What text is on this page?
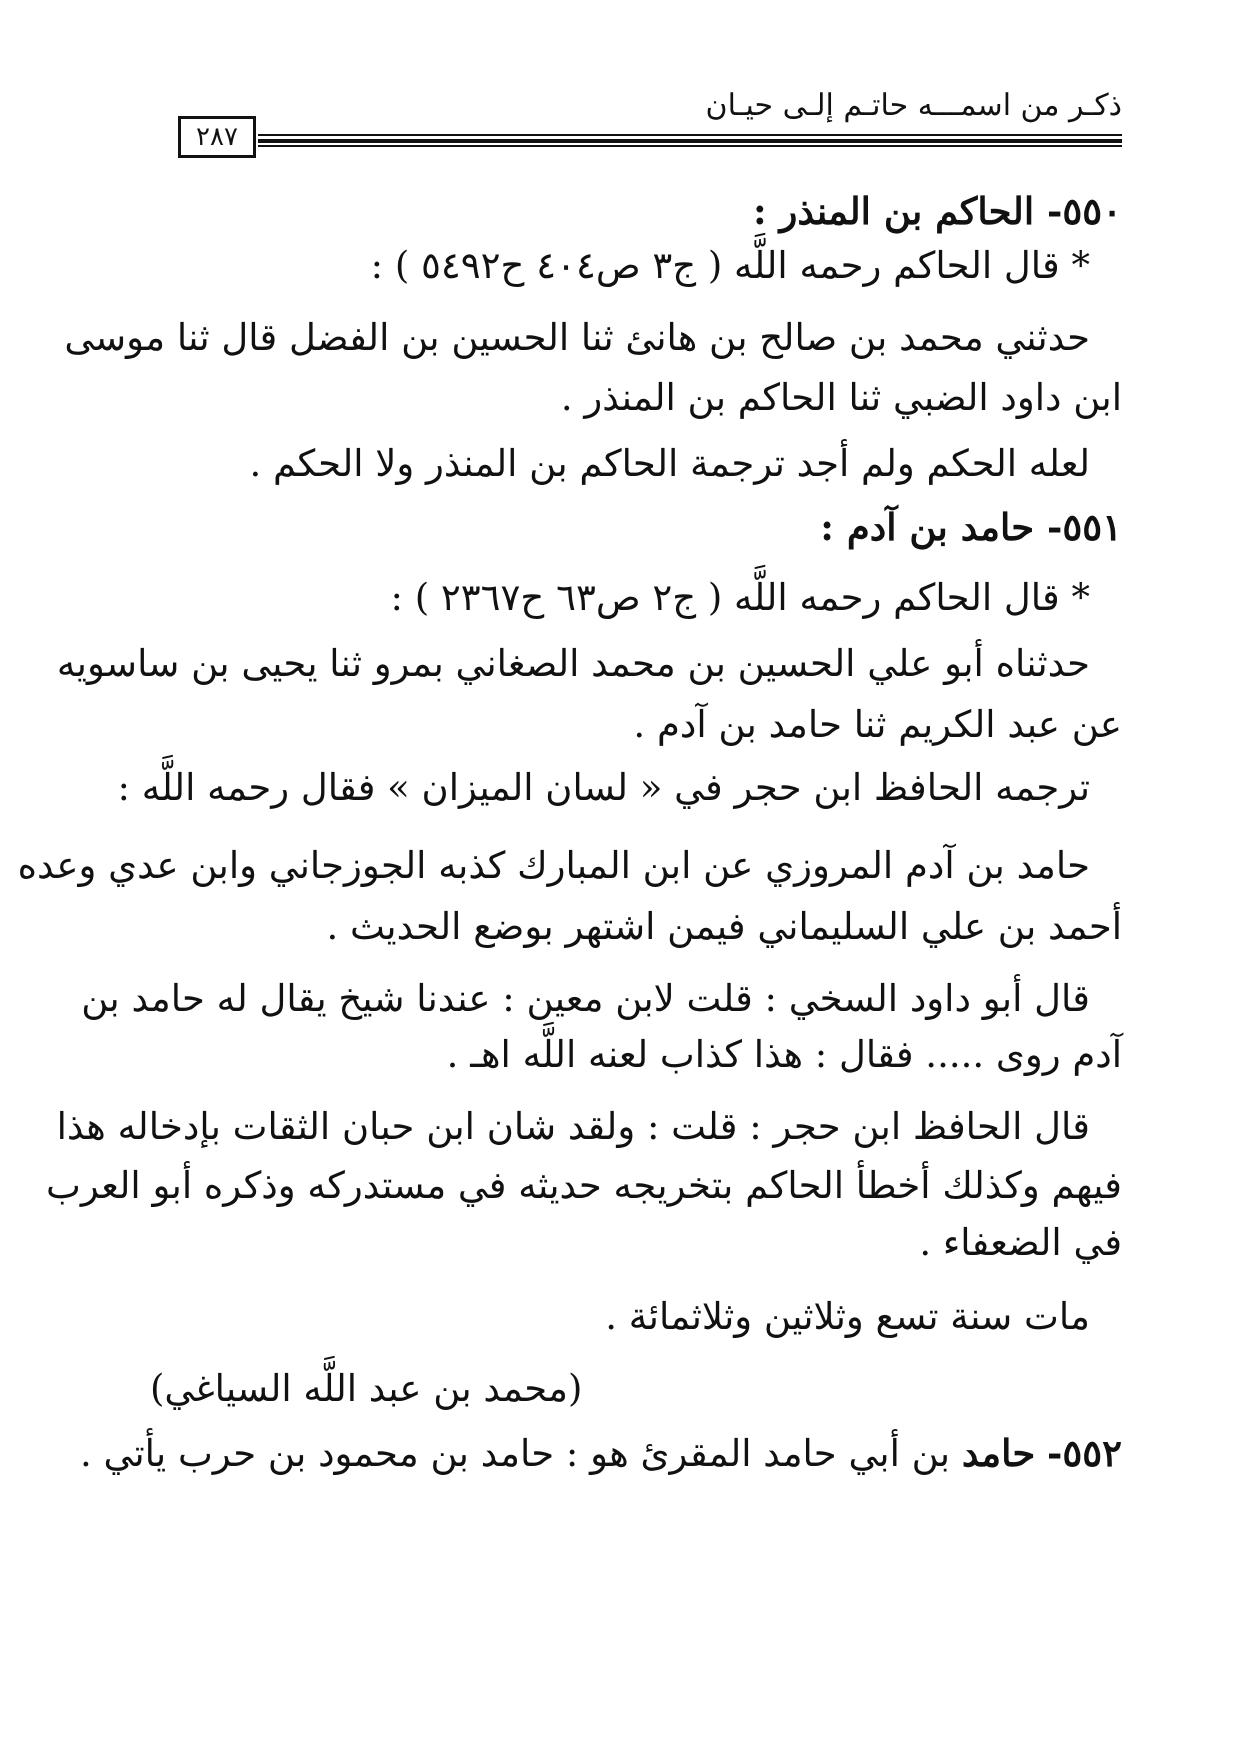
ذكـر من اسمـــه حاتـم إلـى حيـان
٢٨٧
٥٥٠- الحاكم بن المنذر :
* قال الحاكم رحمه اللَّه ( ج٣ ص٤٠٤ ح٥٤٩٢ ) :
حدثني محمد بن صالح بن هانئ ثنا الحسين بن الفضل قال ثنا موسى
ابن داود الضبي ثنا الحاكم بن المنذر .
لعله الحكم ولم أجد ترجمة الحاكم بن المنذر ولا الحكم .
٥٥١- حامد بن آدم :
* قال الحاكم رحمه اللَّه ( ج٢ ص٦٣ ح٢٣٦٧ ) :
حدثناه أبو علي الحسين بن محمد الصغاني بمرو ثنا يحيى بن ساسويه
عن عبد الكريم ثنا حامد بن آدم .
ترجمه الحافظ ابن حجر في « لسان الميزان » فقال رحمه اللَّه :
حامد بن آدم المروزي عن ابن المبارك كذبه الجوزجاني وابن عدي وعده
أحمد بن علي السليماني فيمن اشتهر بوضع الحديث .
قال أبو داود السخي : قلت لابن معين : عندنا شيخ يقال له حامد بن
آدم روى ..... فقال : هذا كذاب لعنه اللَّه اهـ .
قال الحافظ ابن حجر : قلت : ولقد شان ابن حبان الثقات بإدخاله هذا
فيهم وكذلك أخطأ الحاكم بتخريجه حديثه في مستدركه وذكره أبو العرب
في الضعفاء .
مات سنة تسع وثلاثين وثلاثمائة .
(محمد بن عبد اللَّه السياغي)
٥٥٢- حامد بن أبي حامد المقرئ هو : حامد بن محمود بن حرب يأتي .
